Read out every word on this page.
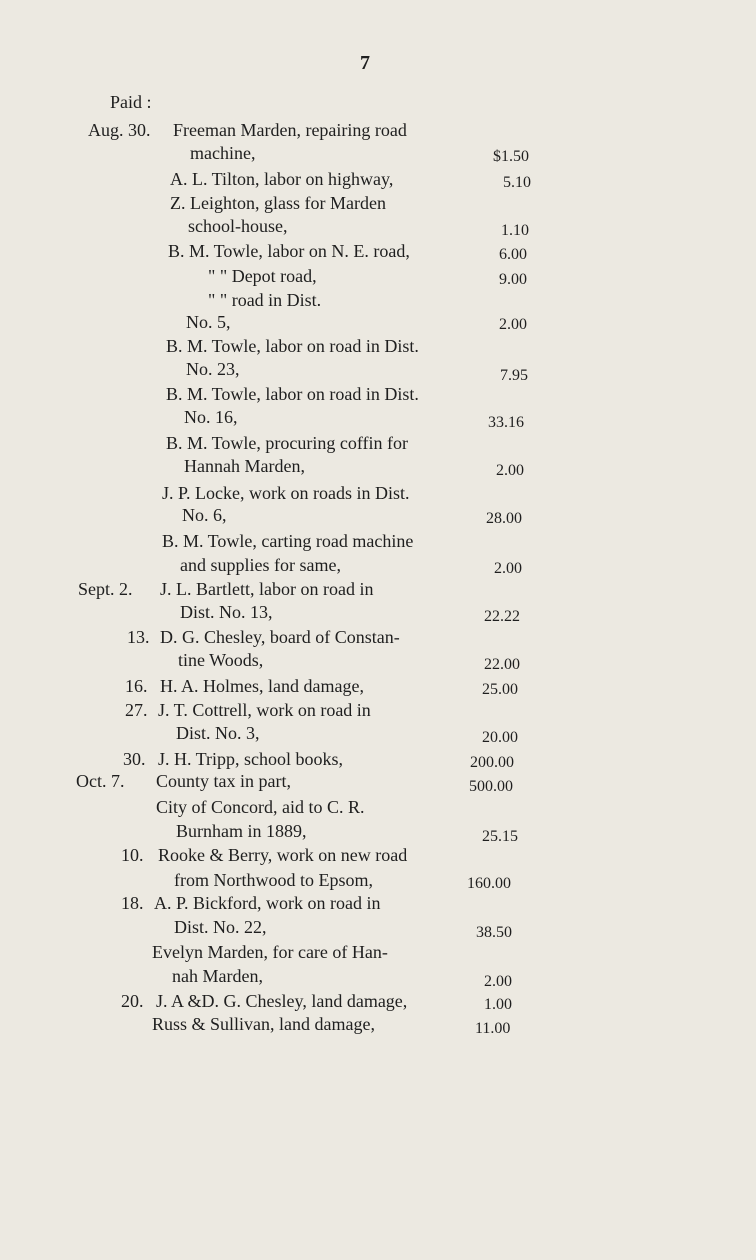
7
Paid :
Aug. 30. Freeman Marden, repairing road
machine,	$1.50
A. L. Tilton, labor on highway,	5.10
Z. Leighton, glass for Marden
school-house,	1.10
B. M. Towle, labor on N. E. road,	6.00
" " Depot road,	9.00
" " road in Dist.
No. 5,	2.00
B. M. Towle, labor on road in Dist.
No. 23,	7.95
B. M. Towle, labor on road in Dist.
No. 16,	33.16
B. M. Towle, procuring coffin for
Hannah Marden,	2.00
J. P. Locke, work on roads in Dist.
No. 6,	28.00
B. M. Towle, carting road machine
and supplies for same,	2.00
Sept. 2. J. L. Bartlett, labor on road in
Dist. No. 13,	22.22
13. D. G. Chesley, board of Constan-
tine Woods,	22.00
16. H. A. Holmes, land damage,	25.00
27. J. T. Cottrell, work on road in
Dist. No. 3,	20.00
30. J. H. Tripp, school books,	200.00
Oct. 7. County tax in part,	500.00
City of Concord, aid to C. R.
Burnham in 1889,	25.15
10. Rooke & Berry, work on new road
from Northwood to Epsom,	160.00
18. A. P. Bickford, work on road in
Dist. No. 22,	38.50
Evelyn Marden, for care of Han-
nah Marden,	2.00
20. J. A &D. G. Chesley, land damage,	1.00
Russ & Sullivan, land damage,	11.00
